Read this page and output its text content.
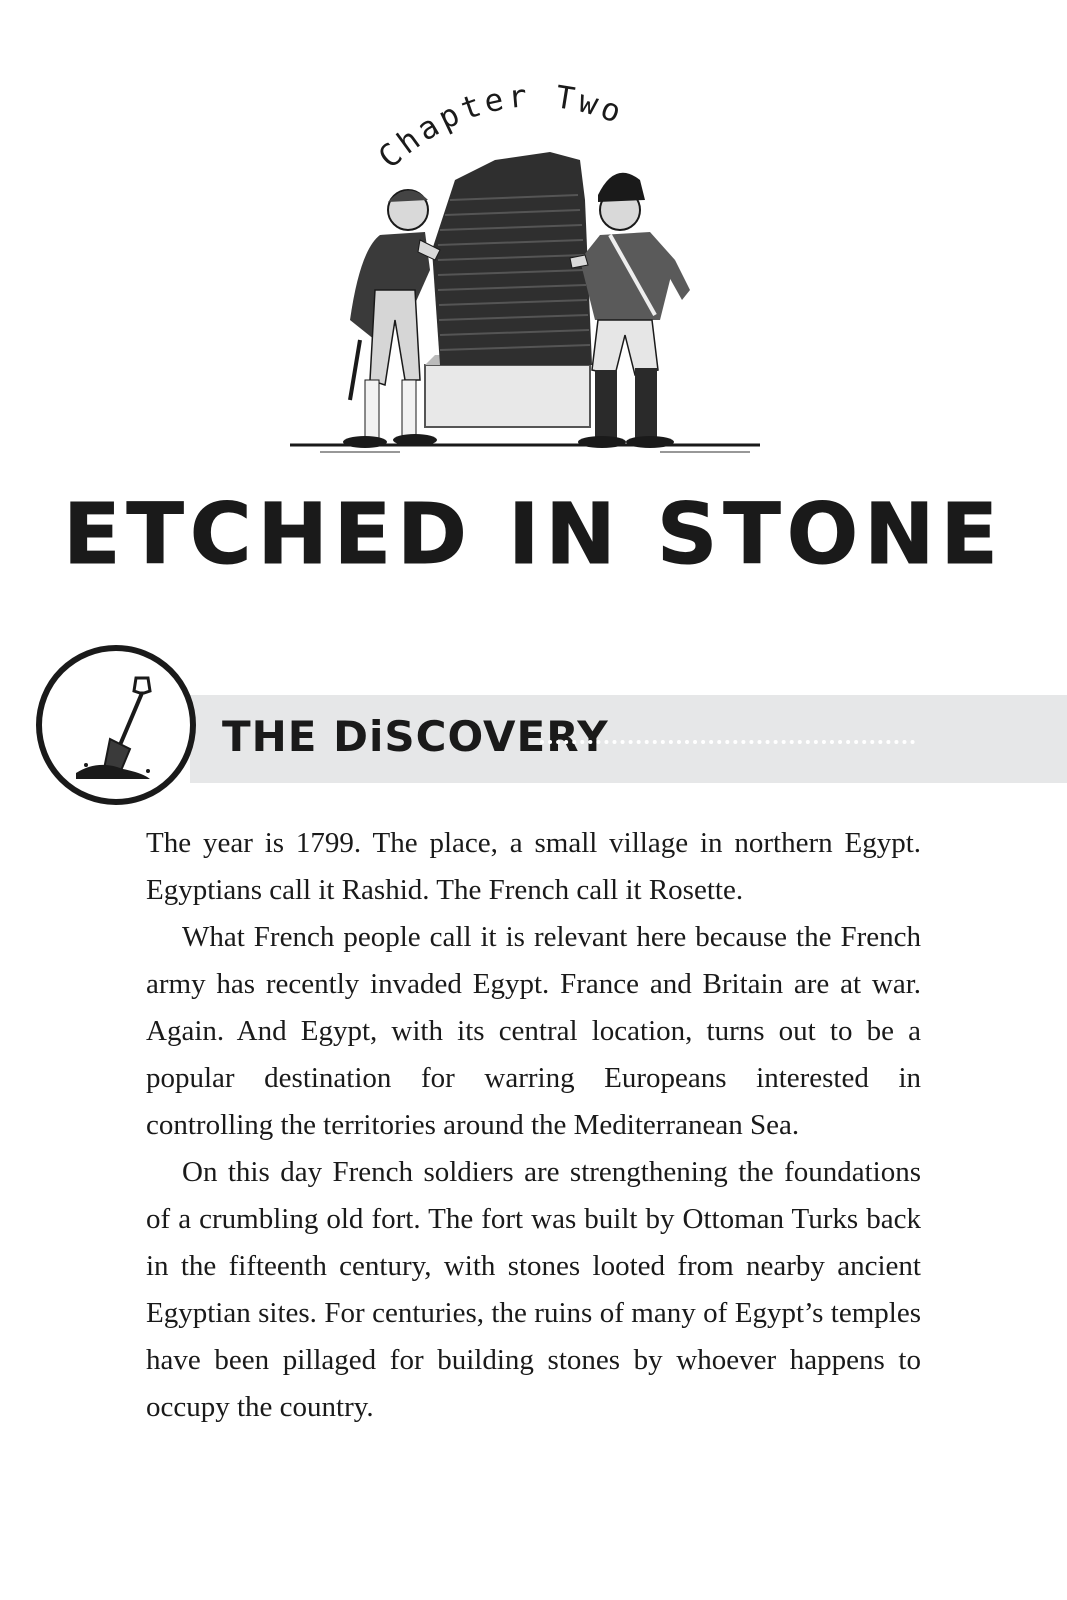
Chapter Two
ETCHED IN STONE
THE DiSCOVERY

The year is 1799. The place, a small village in northern Egypt. Egyptians call it Rashid. The French call it Rosette.

What French people call it is relevant here because the French army has recently invaded Egypt. France and Britain are at war. Again. And Egypt, with its central location, turns out to be a popular destination for warring Europeans interested in controlling the territories around the Mediterranean Sea.

On this day French soldiers are strengthening the foundations of a crumbling old fort. The fort was built by Ottoman Turks back in the fifteenth century, with stones looted from nearby ancient Egyptian sites. For centuries, the ruins of many of Egypt’s temples have been pillaged for building stones by whoever happens to occupy the country.
